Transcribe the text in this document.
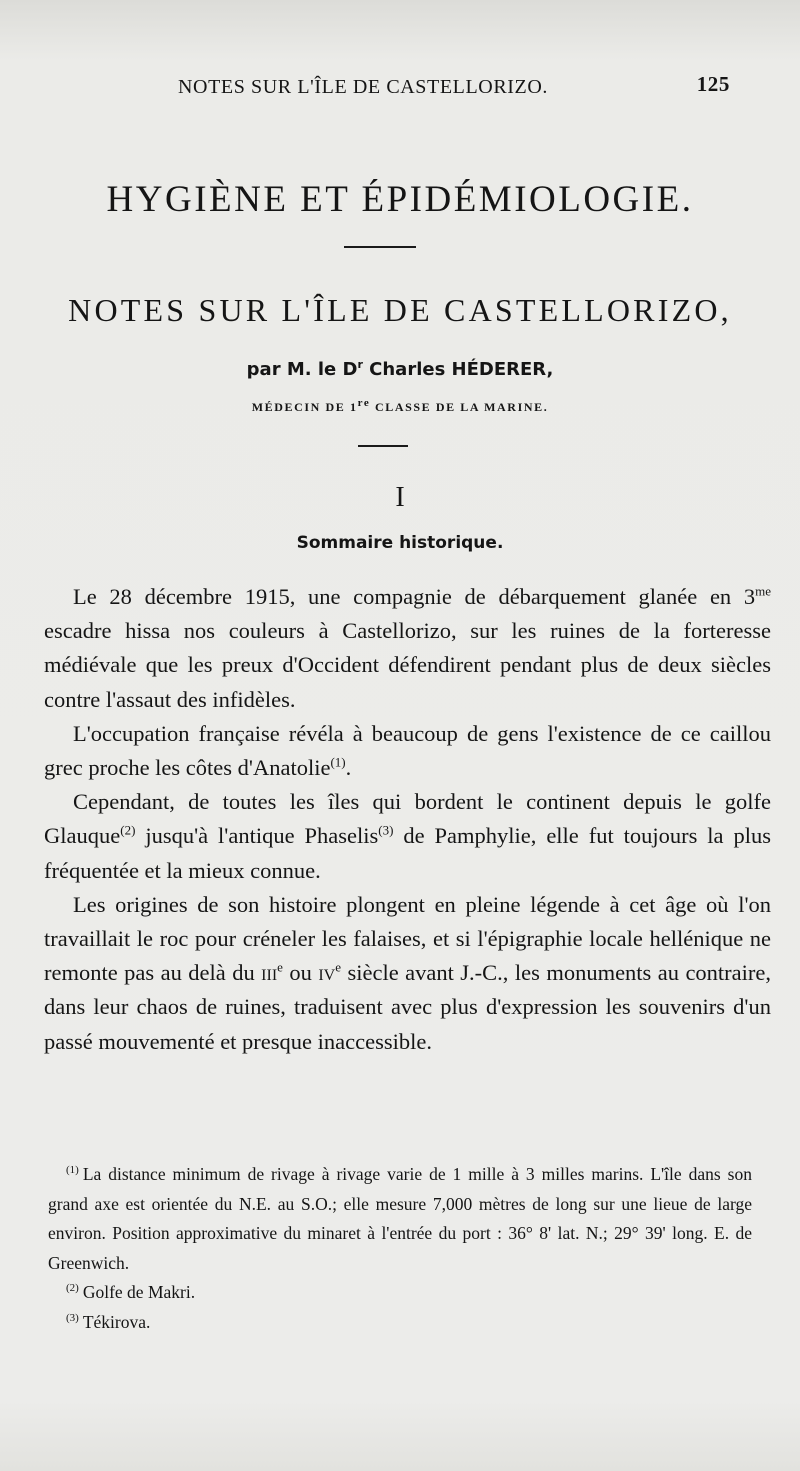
NOTES SUR L'ÎLE DE CASTELLORIZO.	125
HYGIÈNE ET ÉPIDÉMIOLOGIE.
NOTES SUR L'ÎLE DE CASTELLORIZO,
par M. le $D^r$ Charles HÉDERER,
MÉDECIN DE 1re CLASSE DE LA MARINE.
I
Sommaire historique.

Le 28 décembre 1915, une compagnie de débarquement glanée en $3^{me}$ escadre hissa nos couleurs à Castellorizo, sur les ruines de la forteresse médiévale que les preux d'Occident défendirent pendant plus de deux siècles contre l'assaut des infidèles.

L'occupation française révéla à beaucoup de gens l'existence de ce caillou grec proche les côtes d'Anatolie$^{(1)}$.

Cependant, de toutes les îles qui bordent le continent depuis le golfe Glauque$^{(2)}$ jusqu'à l'antique Phaselis$^{(3)}$ de Pamphylie, elle fut toujours la plus fréquentée et la mieux connue.

Les origines de son histoire plongent en pleine légende à cet âge où l'on travaillait le roc pour créneler les falaises, et si l'épigraphie locale hellénique ne remonte pas au delà du iii$^e$ ou $iv^e$ siècle avant J.-C., les monuments au contraire, dans leur chaos de ruines, traduisent avec plus d'expression les souvenirs d'un passé mouvementé et presque inaccessible.

$^{(1)}$ La distance minimum de rivage à rivage varie de 1 mille à 3 milles marins. L'île dans son grand axe est orientée du N.E. au S.O.; elle mesure 7,000 mètres de long sur une lieue de large environ. Position approximative du minaret à l'entrée du port : 36° 8' lat. N.; 29° 39' long. E. de Greenwich.

$^{(2)}$ Golfe de Makri.

$^{(3)}$ Tékirova.
